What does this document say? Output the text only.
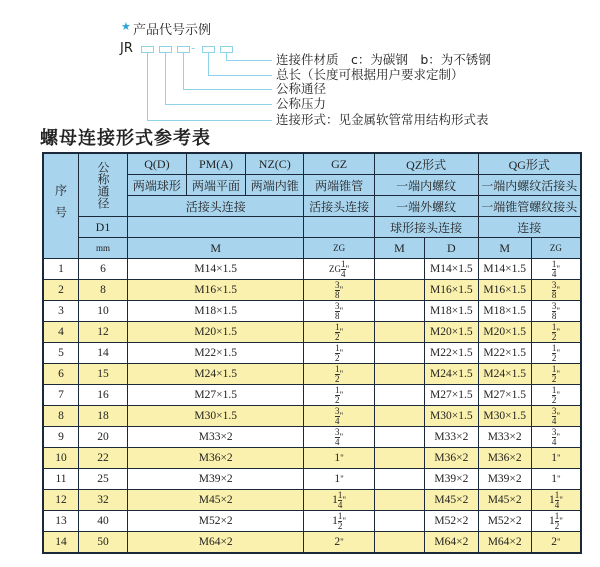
★ 产品代号示例
JR	-
连接件材质　c：为碳钢　b：为不锈钢
总长（长度可根据用户要求定制）
公称通径
公称压力
连接形式：见金属软管常用结构形式表
螺母连接形式参考表
序号	公称通径	Q(D)	PM(A)	NZ(C)	GZ	QZ形式		QG形式	
		两端球形	两端平面	两端内锥	两端锥管	一端内螺纹		一端内螺纹活接头	
		活接头连接			活接头连接	一端外螺纹		一端锥管螺纹接头	
	D1					球形接头连接		连接	
	mm	M			ZG	M	D	M	ZG
1	6	M14×1.5			ZG $\frac{1}{4}$ "		M14×1.5	M14×1.5	$\frac{1}{4}$ "
2	8	M16×1.5			$\frac{3}{8}$ "		M16×1.5	M16×1.5	$\frac{3}{8}$ "
3	10	M18×1.5			$\frac{3}{8}$ "		M18×1.5	M18×1.5	$\frac{3}{8}$ "
4	12	M20×1.5			$\frac{1}{2}$ "		M20×1.5	M20×1.5	$\frac{1}{2}$ "
5	14	M22×1.5			$\frac{1}{2}$ "		M22×1.5	M22×1.5	$\frac{1}{2}$ "
6	15	M24×1.5			$\frac{1}{2}$ "		M24×1.5	M24×1.5	$\frac{1}{2}$ "
7	16	M27×1.5			$\frac{1}{2}$ "		M27×1.5	M27×1.5	$\frac{1}{2}$ "
8	18	M30×1.5			$\frac{3}{4}$ "		M30×1.5	M30×1.5	$\frac{3}{4}$ "
9	20	M33×2			$\frac{3}{4}$ "		M33×2	M33×2	$\frac{3}{4}$ "
10	22	M36×2			1"		M36×2	M36×2	1"
11	25	M39×2			1"		M39×2	M39×2	1"
12	32	M45×2			$1 \frac{1}{4}$ "		M45×2	M45×2	$1 \frac{1}{4}$ "
13	40	M52×2			$1 \frac{1}{2}$ "		M52×2	M52×2	$1 \frac{1}{2}$ "
14	50	M64×2			2"		M64×2	M64×2	2"
